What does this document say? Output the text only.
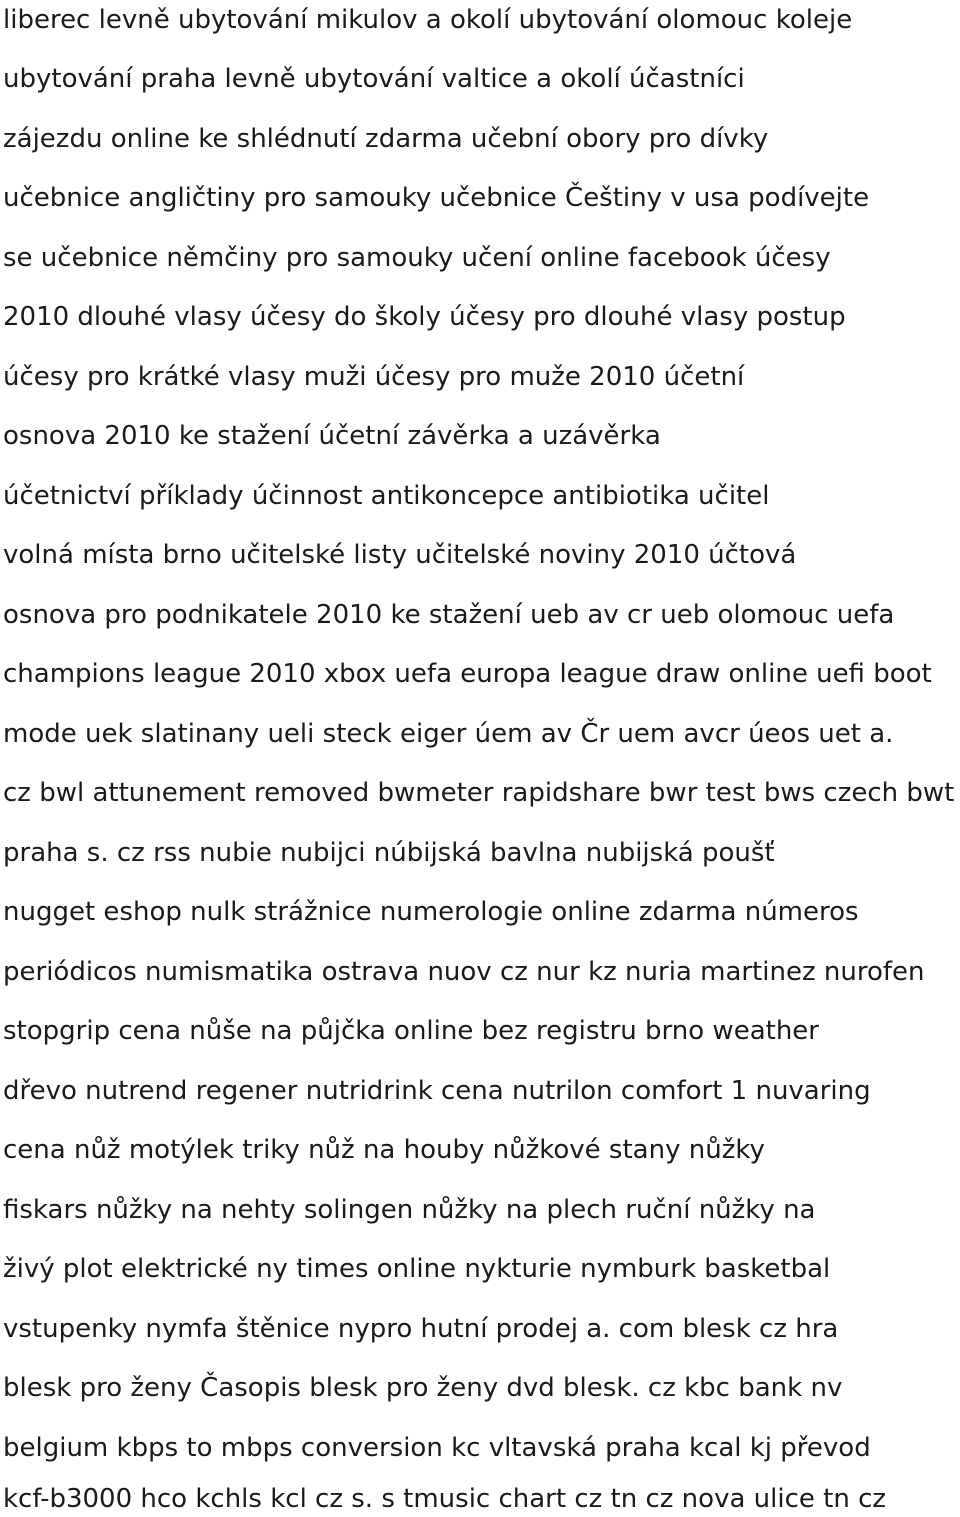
liberec levně ubytování mikulov a okolí ubytování olomouc koleje
ubytování praha levně ubytování valtice a okolí účastníci
zájezdu online ke shlédnutí zdarma učební obory pro dívky
učebnice angličtiny pro samouky učebnice Češtiny v usa podívejte
se učebnice němčiny pro samouky učení online facebook účesy
2010 dlouhé vlasy účesy do školy účesy pro dlouhé vlasy postup
účesy pro krátké vlasy muži účesy pro muže 2010 účetní
osnova 2010 ke stažení účetní závěrka a uzávěrka
účetnictví příklady účinnost antikoncepce antibiotika učitel
volná místa brno učitelské listy učitelské noviny 2010 účtová
osnova pro podnikatele 2010 ke stažení ueb av cr ueb olomouc uefa
champions league 2010 xbox uefa europa league draw online uefi boot
mode uek slatinany ueli steck eiger úem av Čr uem avcr úeos uet a.
cz bwl attunement removed bwmeter rapidshare bwr test bws czech bwt
praha s. cz rss nubie nubijci núbijská bavlna nubijská poušť
nugget eshop nulk strážnice numerologie online zdarma números
periódicos numismatika ostrava nuov cz nur kz nuria martinez nurofen
stopgrip cena nůše na půjčka online bez registru brno weather
dřevo nutrend regener nutridrink cena nutrilon comfort 1 nuvaring
cena nůž motýlek triky nůž na houby nůžkové stany nůžky
fiskars nůžky na nehty solingen nůžky na plech ruční nůžky na
živý plot elektrické ny times online nykturie nymburk basketbal
vstupenky nymfa štěnice nypro hutní prodej a. com blesk cz hra
blesk pro ženy Časopis blesk pro ženy dvd blesk. cz kbc bank nv
belgium kbps to mbps conversion kc vltavská praha kcal kj převod
kcf-b3000 hco kchls kcl cz s. s tmusic chart cz tn cz nova ulice tn cz
